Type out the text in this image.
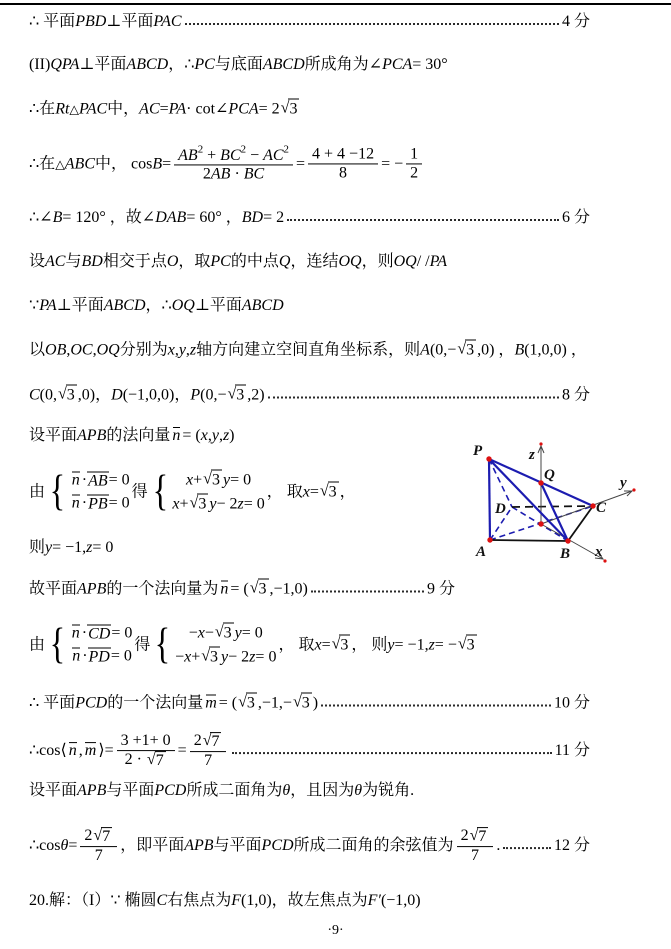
∴ 平面 PBD ⊥平面 PAC	4 分
(II) Q PA ⊥平面 ABCD ，∴ PC 与底面 ABCD 所成角为∠ PCA = 30°
∴在 $Rt_\triangle$ PAC 中， AC = PA · cot∠ PCA = 2 √ 3
∴在 $_\triangle$ ABC 中， $\cos B = \frac{AB^2 + BC^2 - AC^2}{2AB \cdot BC} = \frac{4 + 4 -12}{8}$ = − $\frac{1}{2}$
∴∠ B = 120° ，故∠ DAB = 60° ， BD = 2	6 分
设 AC 与 BD 相交于点 O ，取 PC 的中点 Q ，连结 OQ ，则 OQ / / PA
∵ PA ⊥平面 ABCD ，∴ OQ ⊥平面 ABCD
以 OB , OC , OQ 分别为 x , y , z 轴方向建立空间直角坐标系，则 A (0,− √ 3 ,0) ， B (1,0,0) ，
C (0, √ 3 ,0)， D (−1,0,0)， P (0,− √ 3 ,2)	8 分
设平面 APB 的法向量 n = ( x , y , z )
由 { n · AB = 0
n · PB = 0
得 { x + √ 3 y = 0
x + √ 3 y − 2 z = 0
， 取 x = √ 3 ，
则 y = −1, z = 0
故平面 APB 的一个法向量为 n = ( √ 3 ,−1,0)	9 分
由 { n · CD = 0
n · PD = 0
得 { − x − √ 3 y = 0
− x + √ 3 y − 2 z = 0
， 取 x = √ 3 ， 则 y = −1, z = − √ 3
∴ 平面 PCD 的一个法向量 m = ( √ 3 ,−1,− √ 3 )	10 分
∴cos ⟨ n , m ⟩ = $\frac{3 +1+ 0}{2 \cdot √ 7} = \frac{2 √ 7}{7}$	11 分
设平面 APB 与平面 PCD 所成二面角为 θ ，且因为 θ 为锐角.
∴cos $\theta = \frac{2 √ 7}{7}$ ，即平面 APB 与平面 PCD 所成二面角的余弦值为 $\frac{2 √ 7}{7}$ .	12 分
20.解：（I）∵ 椭圆 C 右焦点为 F (1,0)，故左焦点为 F′ (−1,0)
P	z
Q	y
C
D
A	B x
·9·
